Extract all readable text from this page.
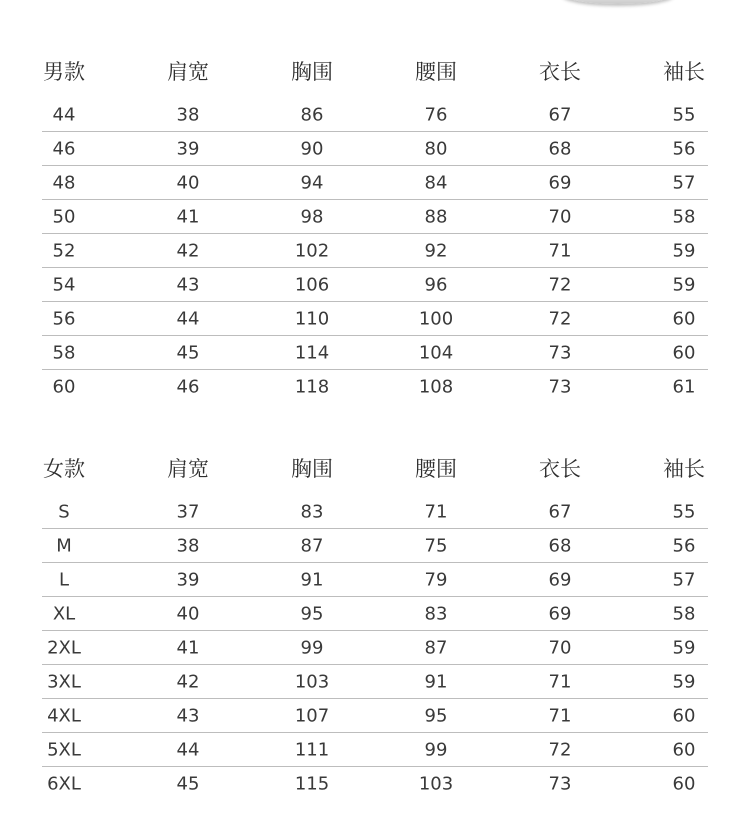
男款	肩宽	胸围	腰围	衣长	袖长
44	38	86	76	67	55
46	39	90	80	68	56
48	40	94	84	69	57
50	41	98	88	70	58
52	42	102	92	71	59
54	43	106	96	72	59
56	44	110	100	72	60
58	45	114	104	73	60
60	46	118	108	73	61
女款	肩宽	胸围	腰围	衣长	袖长
S	37	83	71	67	55
M	38	87	75	68	56
L	39	91	79	69	57
XL	40	95	83	69	58
2XL	41	99	87	70	59
3XL	42	103	91	71	59
4XL	43	107	95	71	60
5XL	44	111	99	72	60
6XL	45	115	103	73	60
